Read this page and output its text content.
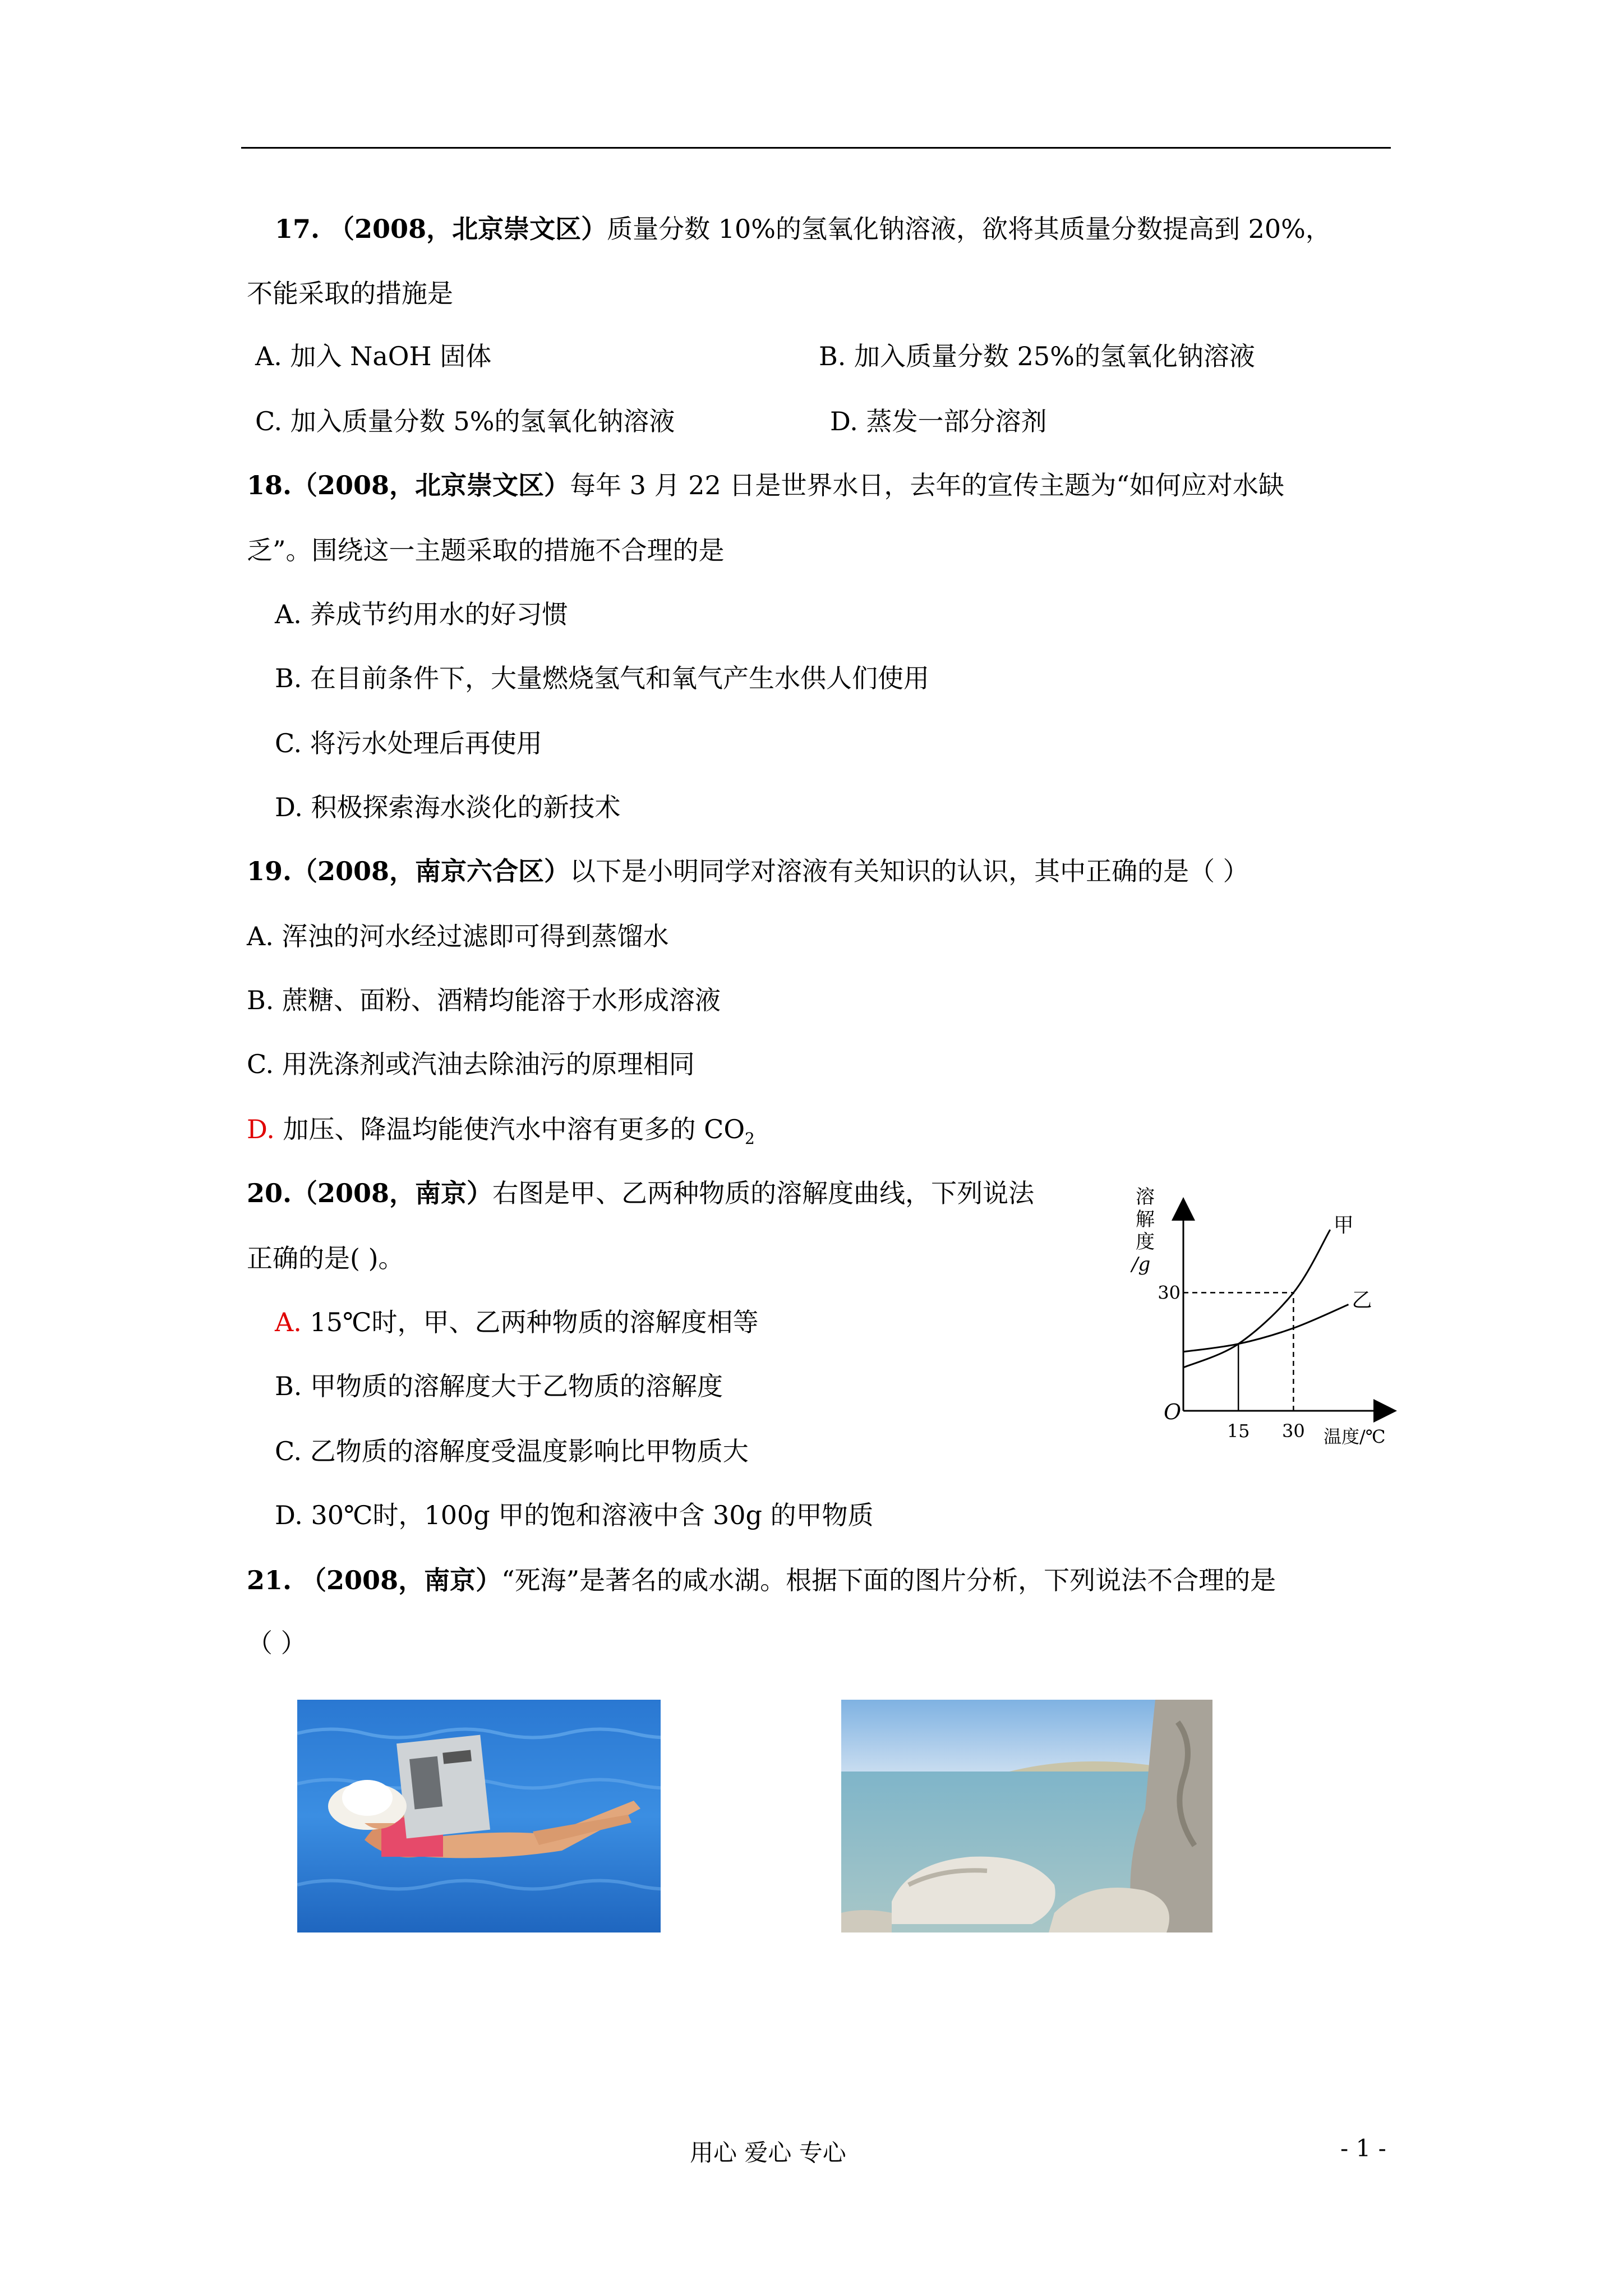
17. （2008，北京崇文区）质量分数 10%的氢氧化钠溶液，欲将其质量分数提高到 20%，
不能采取的措施是
A. 加入 NaOH 固体	B. 加入质量分数 25%的氢氧化钠溶液
C. 加入质量分数 5%的氢氧化钠溶液	D. 蒸发一部分溶剂
18.（2008，北京崇文区）每年 3 月 22 日是世界水日，去年的宣传主题为“如何应对水缺
乏”。围绕这一主题采取的措施不合理的是
A. 养成节约用水的好习惯
B. 在目前条件下，大量燃烧氢气和氧气产生水供人们使用
C. 将污水处理后再使用
D. 积极探索海水淡化的新技术
19.（2008，南京六合区）以下是小明同学对溶液有关知识的认识，其中正确的是（ ）
A. 浑浊的河水经过滤即可得到蒸馏水
B. 蔗糖、面粉、酒精均能溶于水形成溶液
C. 用洗涤剂或汽油去除油污的原理相同
D. 加压、降温均能使汽水中溶有更多的 $CO_2$
20.（2008，南京）右图是甲、乙两种物质的溶解度曲线，下列说法
正确的是( )。
A. 15℃时，甲、乙两种物质的溶解度相等
B. 甲物质的溶解度大于乙物质的溶解度
C. 乙物质的溶解度受温度影响比甲物质大
D. 30℃时，100g 甲的饱和溶液中含 30g 的甲物质
溶
解
度
/g
O
温度/℃
15 30
30
甲
乙
21. （2008，南京）“死海”是著名的咸水湖。根据下面的图片分析，下列说法不合理的是
（ ）
用心 爱心 专心	- 1 -
